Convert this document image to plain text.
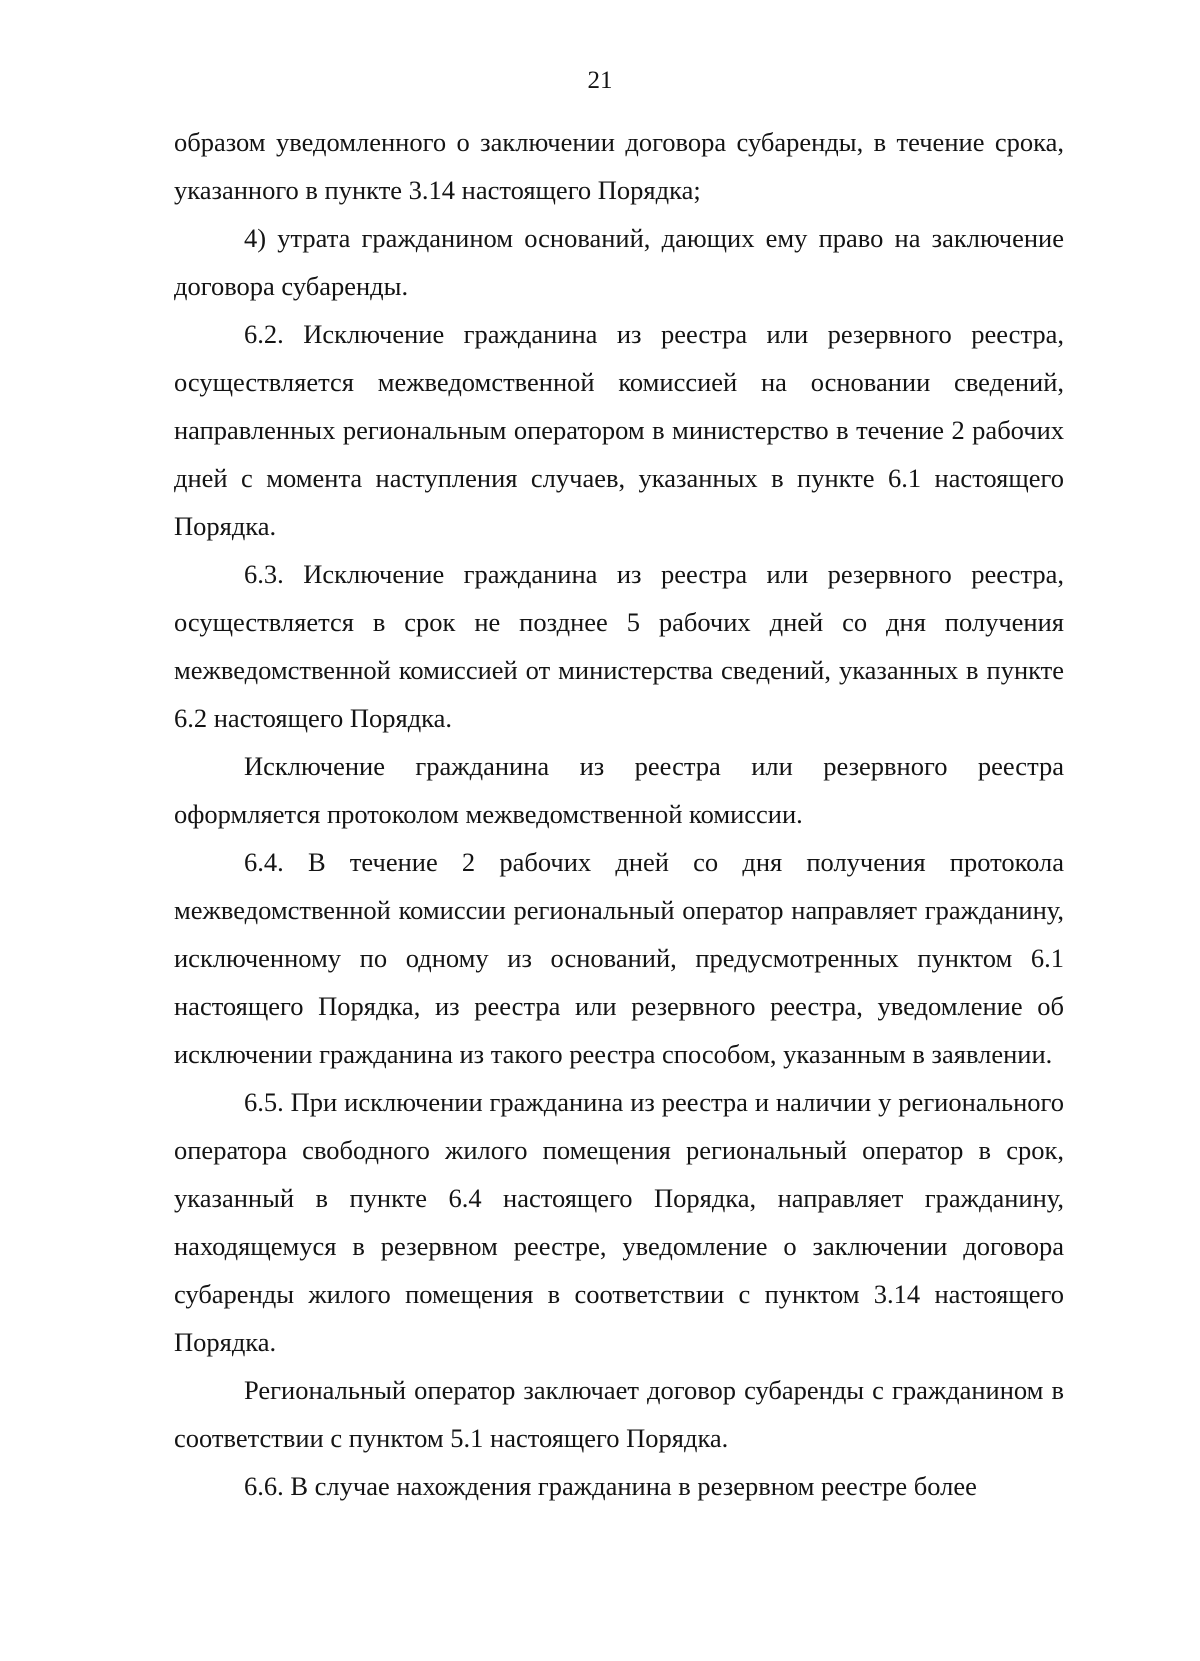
21

образом уведомленного о заключении договора субаренды, в течение срока, указанного в пункте 3.14 настоящего Порядка;

4) утрата гражданином оснований, дающих ему право на заключение договора субаренды.

6.2. Исключение гражданина из реестра или резервного реестра, осуществляется межведомственной комиссией на основании сведений, направленных региональным оператором в министерство в течение 2 рабочих дней с момента наступления случаев, указанных в пункте 6.1 настоящего Порядка.

6.3. Исключение гражданина из реестра или резервного реестра, осуществляется в срок не позднее 5 рабочих дней со дня получения межведомственной комиссией от министерства сведений, указанных в пункте 6.2 настоящего Порядка.

Исключение гражданина из реестра или резервного реестра оформляется протоколом межведомственной комиссии.

6.4. В течение 2 рабочих дней со дня получения протокола межведомственной комиссии региональный оператор направляет гражданину, исключенному по одному из оснований, предусмотренных пунктом 6.1 настоящего Порядка, из реестра или резервного реестра, уведомление об исключении гражданина из такого реестра способом, указанным в заявлении.

6.5. При исключении гражданина из реестра и наличии у регионального оператора свободного жилого помещения региональный оператор в срок, указанный в пункте 6.4 настоящего Порядка, направляет гражданину, находящемуся в резервном реестре, уведомление о заключении договора субаренды жилого помещения в соответствии с пунктом 3.14 настоящего Порядка.

Региональный оператор заключает договор субаренды с гражданином в соответствии с пунктом 5.1 настоящего Порядка.

6.6. В случае нахождения гражданина в резервном реестре более
